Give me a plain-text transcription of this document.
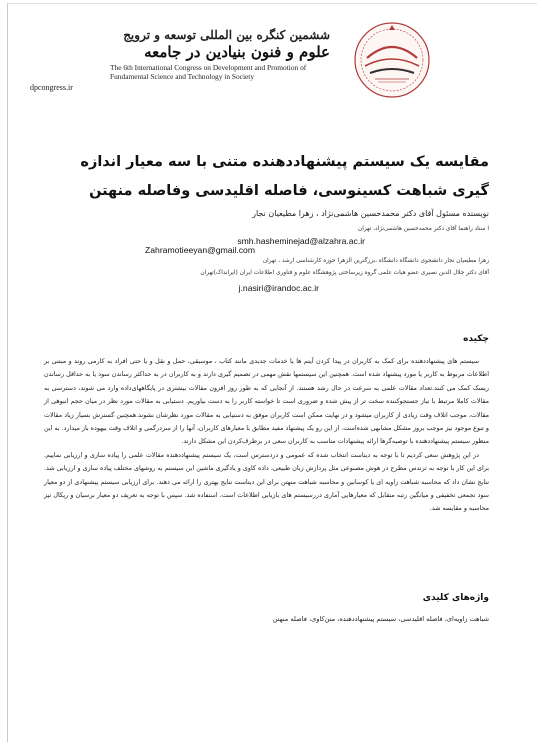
ششمین کنگره بین المللی توسعه و ترویج
علوم و فنون بنیادین در جامعه
The 6th International Congress on Development and Promotion of Fundamental Science and Technology in Society
dpcongress.ir
مقایسه یک سیستم پیشنهاددهنده متنی با سه معیار اندازه گیری شباهت کسینوسی، فاصله اقلیدسی وفاصله منهتن
نویسنده مسئول آقای دکتر محمدحسین هاشمی‌نژاد ، زهرا مطیعیان نجار
ا ستاد راهنما آقای دکتر محمدحسین هاشمی‌نژاد، تهران
smh.hasheminejad@alzahra.ac.ir
زهرا مطیعیان نجار دانشجوی دانشگاه دانشگاه ،بزرگترین الزهرا حوزه کارشناسی ارشد ، تهران
Zahramotieeyan@gmail.com
آقای دکتر جلال الدین نصیری عضو هیات علمی گروه زیرساختی پژوهشگاه علوم و فناوری اطلاعات ایران (ایرانداک)تهران
j.nasiri@irandoc.ac.ir
چکیده

سیستم های پیشنهاددهنده برای کمک به کاربران در پیدا کردن آیتم ها یا خدمات جدیدی مانند کتاب ، موسیقی، حمل و نقل و یا حتی افراد به کارمی روند و مبتنی بر اطلاعات مربوط به کاربر یا مورد پیشنهاد شده است. همچنین این سیستمها نقش مهمی در تصمیم گیری دارند و به کاربران در به حداکثر رساندن سود یا به حداقل رساندن ریسک کمک می کنند.تعداد مقالات علمی به سرعت در حال رشد هستند. از آنجایی که به طور روز افزون مقالات بیشتری در پایگاههای‌داده وارد می شوند، دسترسی به مقالات کاملا مرتبط با نیاز جستجوکننده سخت تر از پیش شده و ضروری است تا خواسته کاربر را به دست بیاوریم. دستیابی به مقالات مورد نظر در میان حجم انبوهی از مقالات، موجب اتلاف وقت زیادی از کاربران میشود و در نهایت ممکن است کاربران موفق به دستیابی به مقالات مورد نظرشان نشوند.همچنین گسترش بسیار زیاد مقالات و تنوع موجود نیز موجب بروز مشکل مشابهی شده‌است. از این رو یک پیشنهاد مفید مطابق با معیارهای کاربران، آنها را از سردرگمی و اتلاف وقت بیهوده باز میدارد. به این منظور سیستم پیشنهاددهنده با توصیه‌گرها ارائه پیشنهادات مناسب به کاربران سعی در برطرف‌کردن این مشکل دارند.

در این پژوهش سعی کردیم تا با توجه به دیتاست انتخاب شده که عمومی و دردسترس است، یک سیستم پیشنهاددهنده مقالات علمی را پیاده سازی و ارزیابی نماییم. برای این کار با توجه به ترندس مطرح در هوش مصنوعی مثل پردازش زبان طبیعی، داده کاوی و یادگیری ماشین این سیستم به روشهای مختلف پیاده سازی و ارزیابی شد. نتایج نشان داد که محاسبه شباهت زاویه ای یا کوسانین و محاسبه شباهت منهتن برای این دیتاست نتایج بهتری را ارائه می دهند. برای ارزیابی سیستم پیشنهادی از دو معیار سود تجمعی تخفیفی و میانگین رتبه متقابل که معیارهایی آماری دررسیستم های بازیابی اطلاعات است، استفاده شد. سپس با توجه به تعریف دو معیار برسیان و ریکال نیز محاسبه و مقایسه شد.

واژه‌های کلیدی
شباهت زاویه‌ای، فاصله اقلیدسی، سیستم پیشنهاددهنده، متن‌کاوی، فاصله منهتن
